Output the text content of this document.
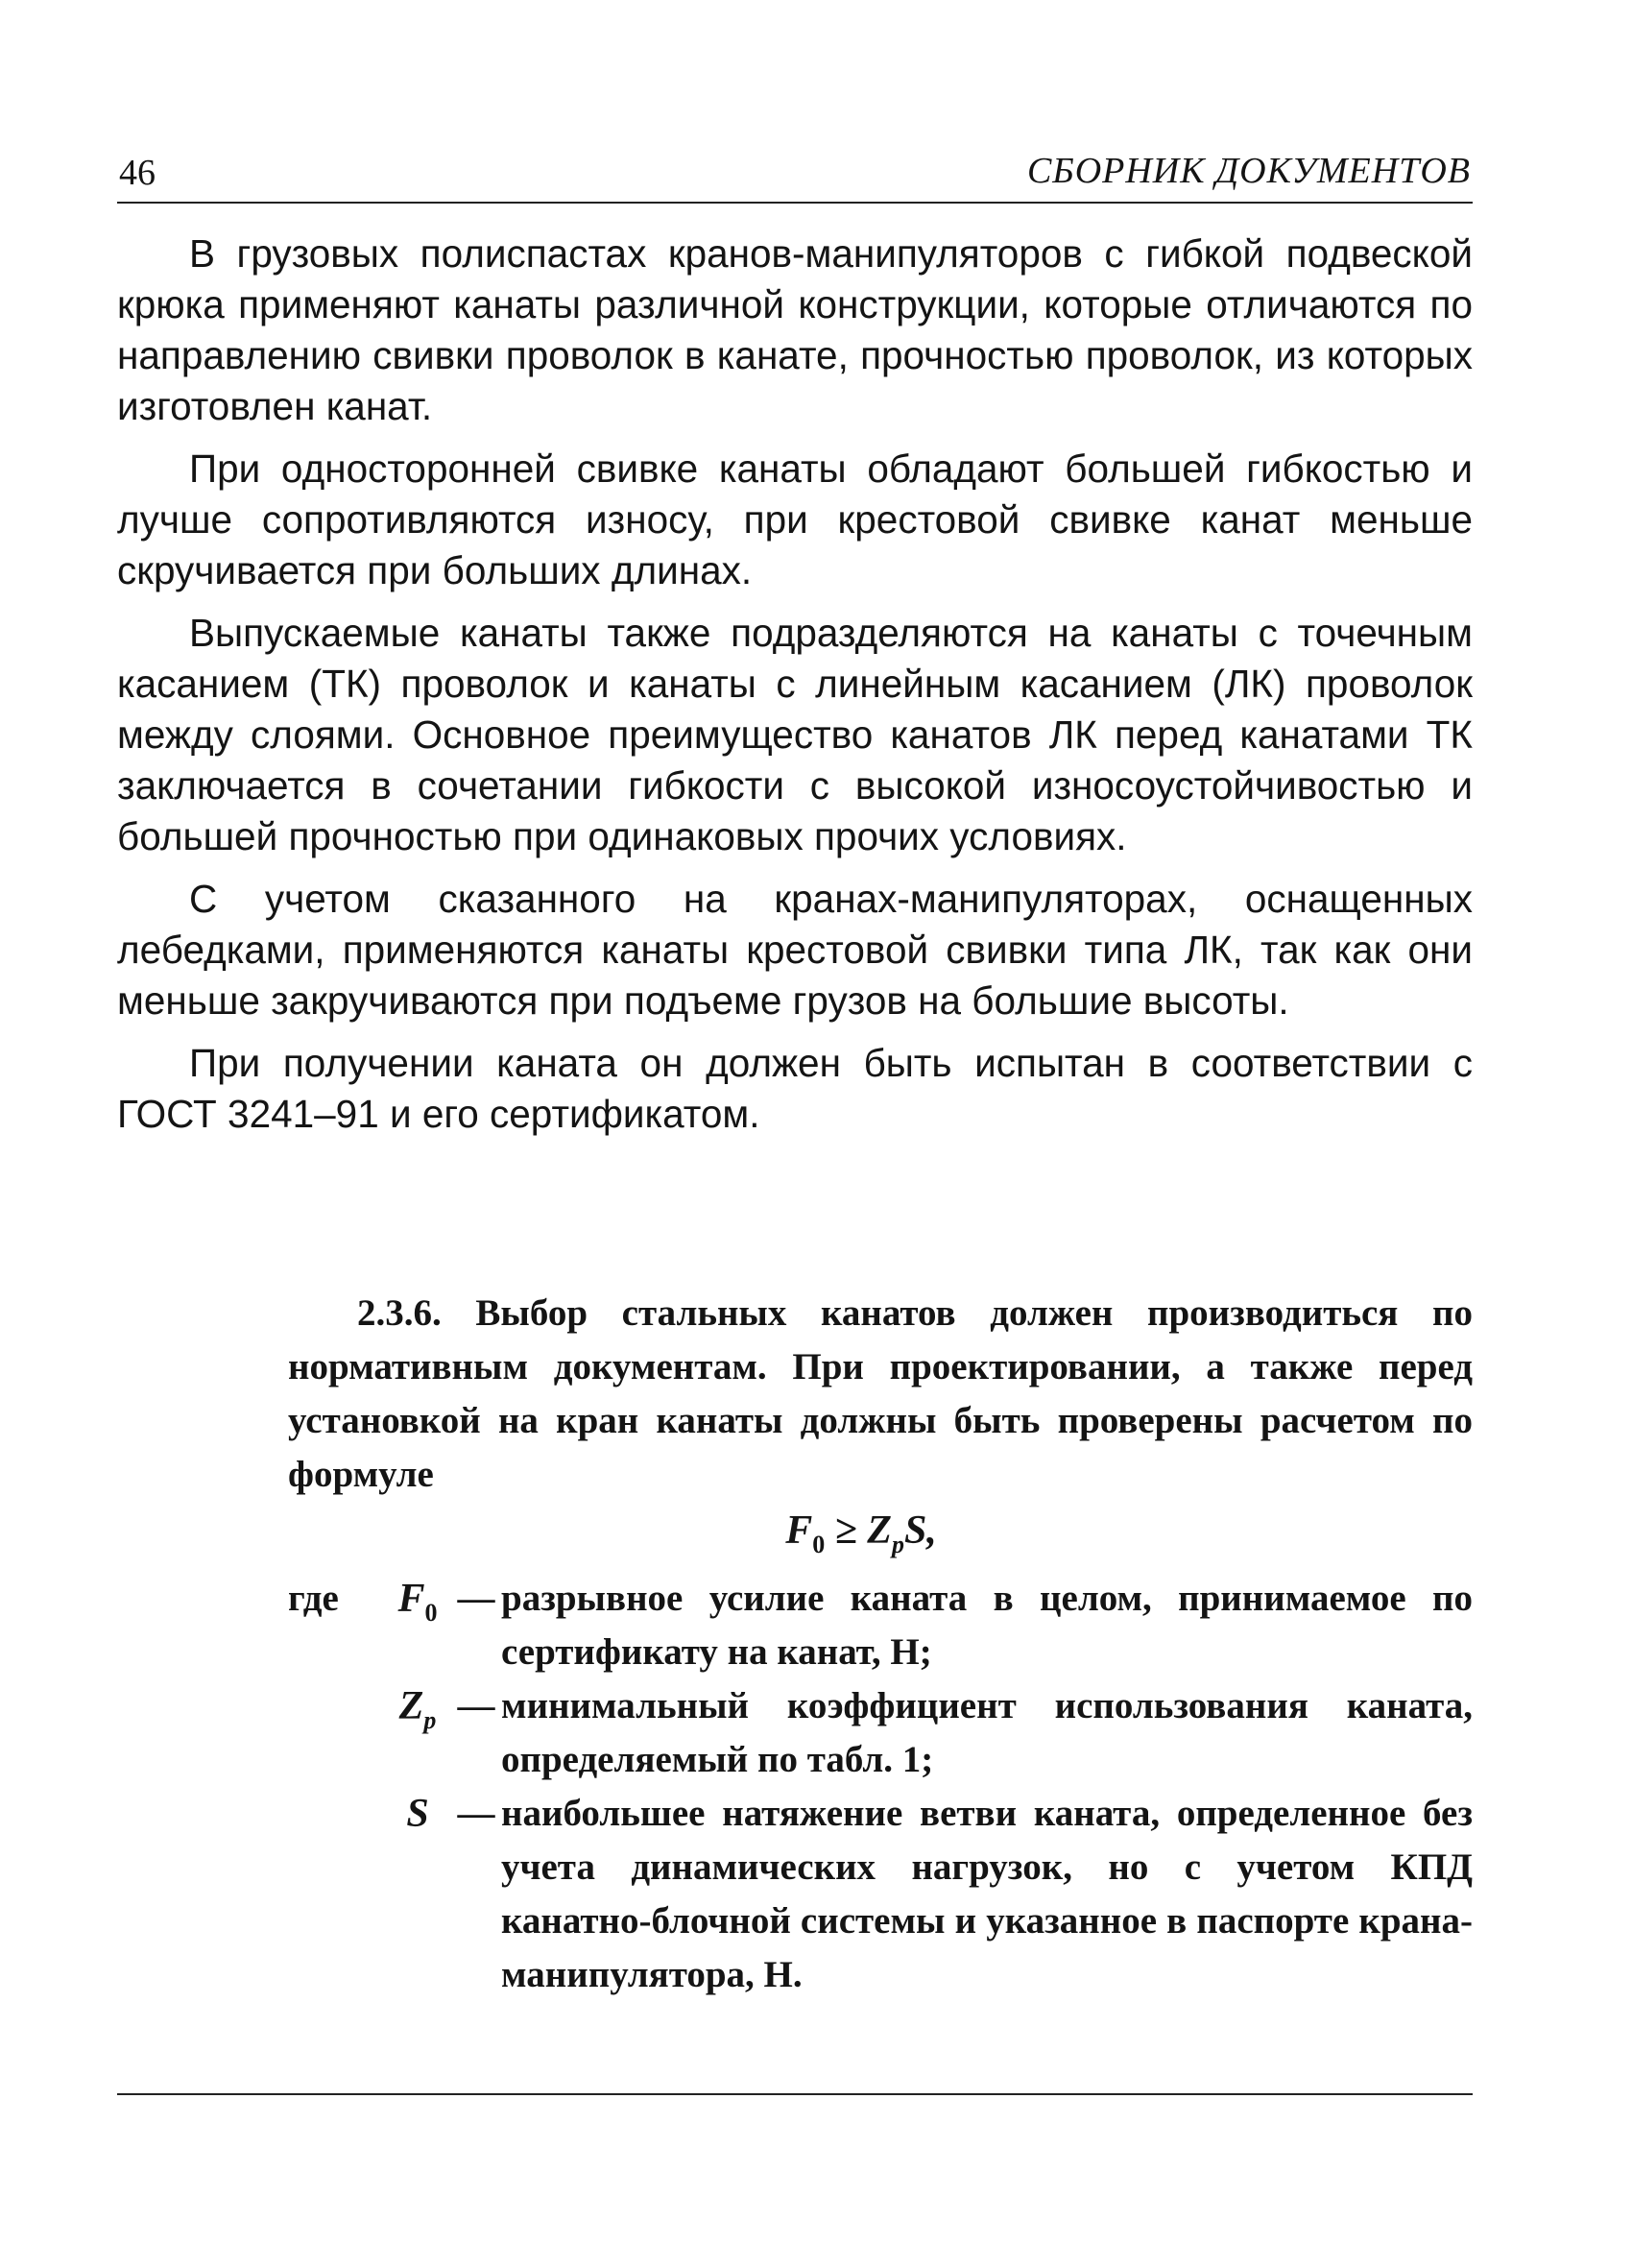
46	СБОРНИК ДОКУМЕНТОВ

В грузовых полиспастах кранов-манипуляторов с гибкой подвеской крюка применяют канаты различной конструкции, которые отличаются по направлению свивки проволок в канате, прочностью проволок, из которых изготовлен канат.

При односторонней свивке канаты обладают большей гибкостью и лучше сопротивляются износу, при крестовой свивке канат меньше скручивается при больших длинах.

Выпускаемые канаты также подразделяются на канаты с точечным касанием (ТК) проволок и канаты с линейным касанием (ЛК) проволок между слоями. Основное преимущество канатов ЛК перед канатами ТК заключается в сочетании гибкости с высокой износоустойчивостью и большей прочностью при одинаковых прочих условиях.

С учетом сказанного на кранах-манипуляторах, оснащенных лебедками, применяются канаты крестовой свивки типа ЛК, так как они меньше закручиваются при подъеме грузов на большие высоты.

При получении каната он должен быть испытан в соответствии с ГОСТ 3241–91 и его сертификатом.

2.3.6. Выбор стальных канатов должен производиться по нормативным документам. При проектировании, а также перед установкой на кран канаты должны быть проверены расчетом по формуле

$F_0 \ge Z_pS$,

где	$F_0$ — разрывное усилие каната в целом, принимаемое по сертификату на канат, Н;
$Z_p$ — минимальный коэффициент использования каната, определяемый по табл. 1;
S — наибольшее натяжение ветви каната, определенное без учета динамических нагрузок, но с учетом КПД канатно-блочной системы и указанное в паспорте крана-манипулятора, Н.
